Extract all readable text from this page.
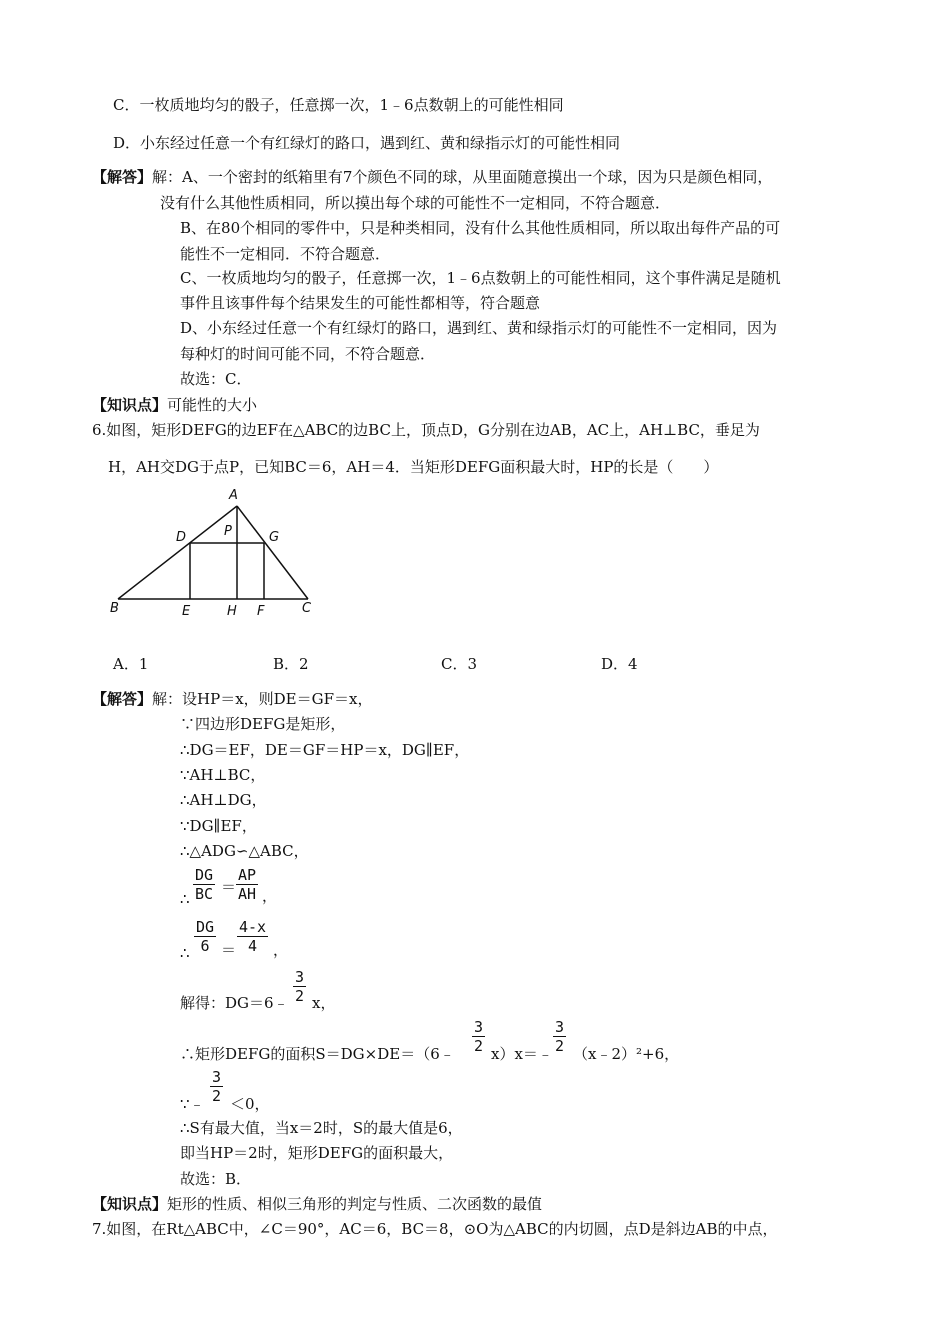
C．一枚质地均匀的骰子，任意掷一次，1﹣6点数朝上的可能性相同
D．小东经过任意一个有红绿灯的路口，遇到红、黄和绿指示灯的可能性相同
【解答】解：A、一个密封的纸箱里有7个颜色不同的球，从里面随意摸出一个球，因为只是颜色相同，
没有什么其他性质相同，所以摸出每个球的可能性不一定相同，不符合题意．
B、在80个相同的零件中，只是种类相同，没有什么其他性质相同，所以取出每件产品的可
能性不一定相同．不符合题意．
C、一枚质地均匀的骰子，任意掷一次，1﹣6点数朝上的可能性相同，这个事件满足是随机
事件且该事件每个结果发生的可能性都相等，符合题意
D、小东经过任意一个有红绿灯的路口，遇到红、黄和绿指示灯的可能性不一定相同，因为
每种灯的时间可能不同，不符合题意．
故选：C．
【知识点】可能性的大小
6.如图，矩形DEFG的边EF在△ABC的边BC上，顶点D，G分别在边AB，AC上，AH⊥BC，垂足为
H，AH交DG于点P，已知BC＝6，AH＝4．当矩形DEFG面积最大时，HP的长是（　　）
A
P
D	G
B	E	H F	C
A．1	B．2	C．3	D．4
【解答】解：设HP＝x，则DE＝GF＝x，
∵四边形DEFG是矩形，
∴DG＝EF，DE＝GF＝HP＝x，DG∥EF，
∵AH⊥BC，
∴AH⊥DG，
∵DG∥EF，
∴△ADG∽△ABC，
∴ $\frac{DG}{BC} = \frac{AP}{AH}$ ，
∴ $\frac{DG}{6} = \frac{4-x}{4}$ ，
解得：DG＝6﹣ $\frac{3}{2}$ x，
∴矩形DEFG的面积S＝DG×DE＝（6﹣ $\frac{3}{2}$ x）x＝﹣ $\frac{3}{2}$ （x﹣2）²+6，
∵﹣ $\frac{3}{2} <0$，
∴S有最大值，当x＝2时，S的最大值是6，
即当HP＝2时，矩形DEFG的面积最大，
故选：B．
【知识点】矩形的性质、相似三角形的判定与性质、二次函数的最值
7.如图，在Rt△ABC中，∠C＝90°，AC＝6，BC＝8，⊙O为△ABC的内切圆，点D是斜边AB的中点，
